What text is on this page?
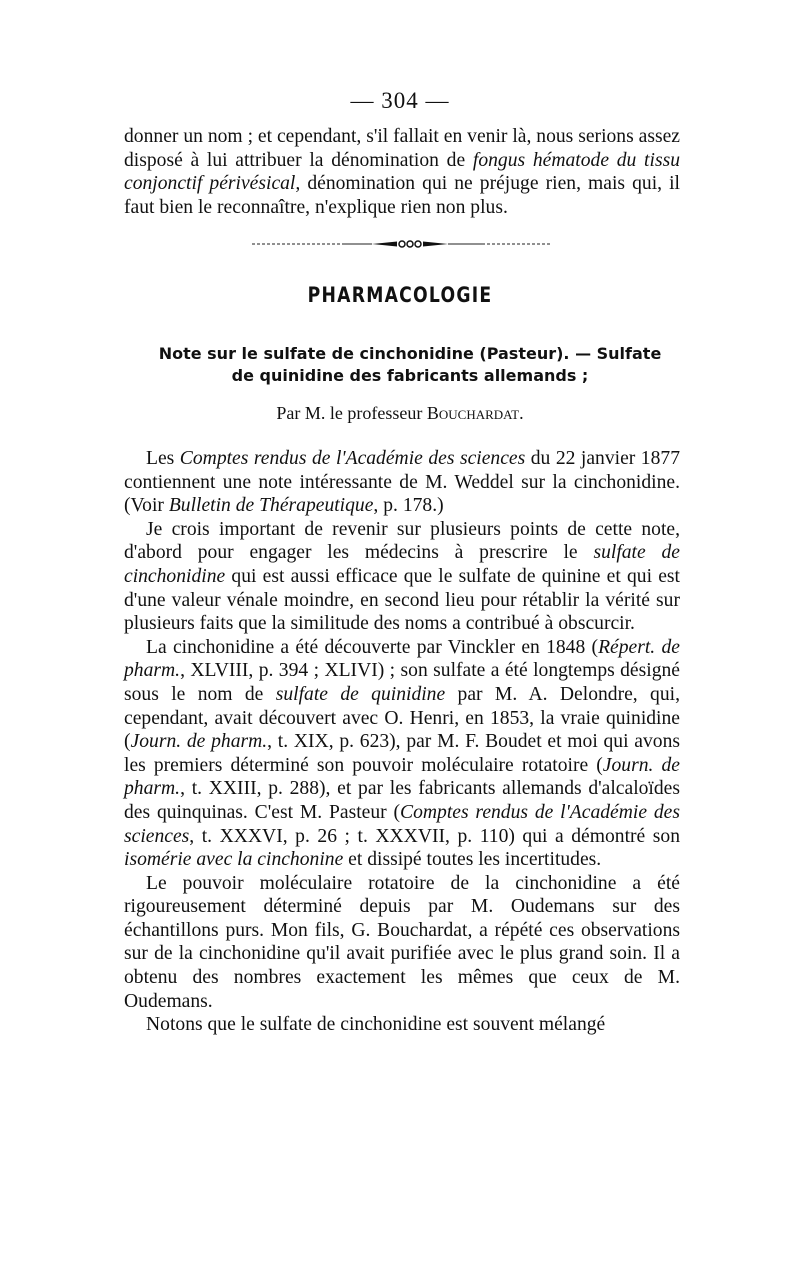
— 304 —

donner un nom ; et cependant, s'il fallait en venir là, nous serions assez disposé à lui attribuer la dénomination de fongus hématode du tissu conjonctif périvésical, dénomination qui ne préjuge rien, mais qui, il faut bien le reconnaître, n'explique rien non plus.

PHARMACOLOGIE
Note sur le sulfate de cinchonidine (Pasteur). — Sulfate
de quinidine des fabricants allemands ;
Par M. le professeur Bouchardat.

Les Comptes rendus de l'Académie des sciences du 22 janvier 1877 contiennent une note intéressante de M. Weddel sur la cinchonidine. (Voir Bulletin de Thérapeutique, p. 178.)

Je crois important de revenir sur plusieurs points de cette note, d'abord pour engager les médecins à prescrire le sulfate de cinchonidine qui est aussi efficace que le sulfate de quinine et qui est d'une valeur vénale moindre, en second lieu pour rétablir la vérité sur plusieurs faits que la similitude des noms a contribué à obscurcir.

La cinchonidine a été découverte par Vinckler en 1848 (Répert. de pharm., XLVIII, p. 394 ; XLIVI) ; son sulfate a été longtemps désigné sous le nom de sulfate de quinidine par M. A. Delondre, qui, cependant, avait découvert avec O. Henri, en 1853, la vraie quinidine (Journ. de pharm., t. XIX, p. 623), par M. F. Boudet et moi qui avons les premiers déterminé son pouvoir moléculaire rotatoire (Journ. de pharm., t. XXIII, p. 288), et par les fabricants allemands d'alcaloïdes des quinquinas. C'est M. Pasteur (Comptes rendus de l'Académie des sciences, t. XXXVI, p. 26 ; t. XXXVII, p. 110) qui a démontré son isomérie avec la cinchonine et dissipé toutes les incertitudes.

Le pouvoir moléculaire rotatoire de la cinchonidine a été rigoureusement déterminé depuis par M. Oudemans sur des échantillons purs. Mon fils, G. Bouchardat, a répété ces observations sur de la cinchonidine qu'il avait purifiée avec le plus grand soin. Il a obtenu des nombres exactement les mêmes que ceux de M. Oudemans.

Notons que le sulfate de cinchonidine est souvent mélangé
